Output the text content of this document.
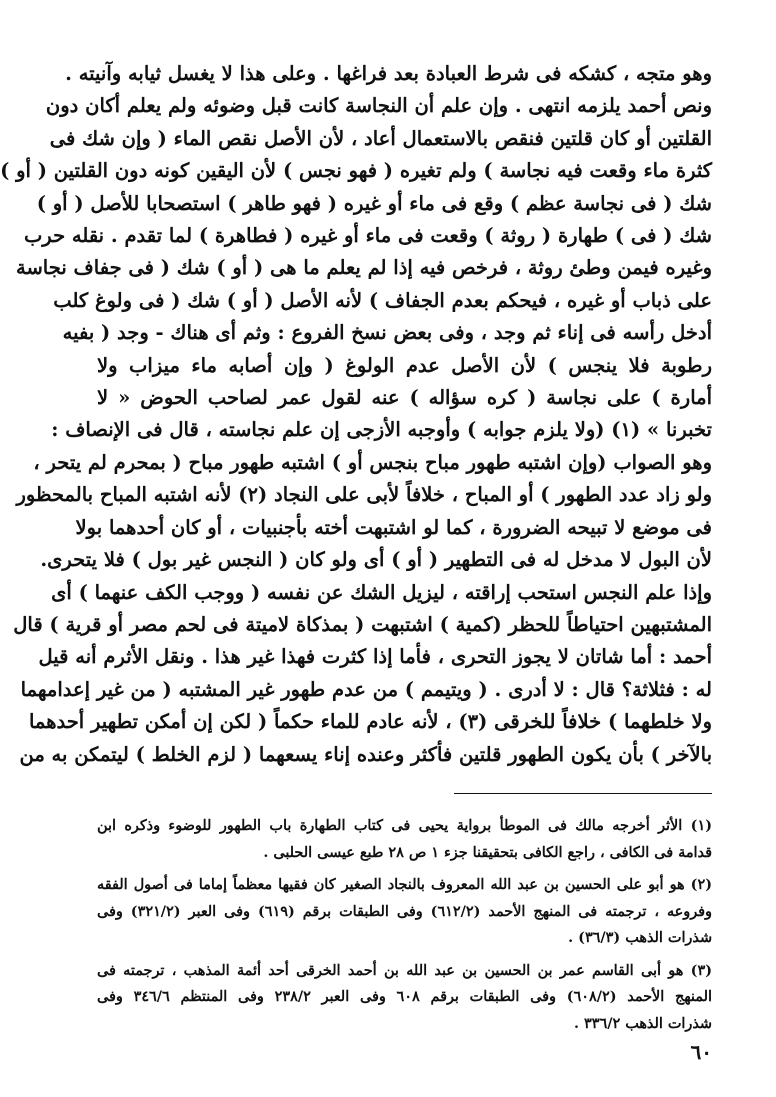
وهو متجه ، كشكه فى شرط العبادة بعد فراغها . وعلى هذا لا يغسل ثيابه وآنيته .
ونص أحمد يلزمه انتهى . وإن علم أن النجاسة كانت قبل وضوئه ولم يعلم أكان دون
القلتين أو كان قلتين فنقص بالاستعمال أعاد ، لأن الأصل نقص الماء ( وإن شك فى
كثرة ماء وقعت فيه نجاسة ) ولم تغيره ( فهو نجس ) لأن اليقين كونه دون القلتين ( أو )
شك ( فى نجاسة عظم ) وقع فى ماء أو غيره ( فهو طاهر ) استصحابا للأصل ( أو )
شك ( فى ) طهارة ( روثة ) وقعت فى ماء أو غيره ( فطاهرة ) لما تقدم . نقله حرب
وغيره فيمن وطئ روثة ، فرخص فيه إذا لم يعلم ما هى ( أو ) شك ( فى جفاف نجاسة
على ذباب أو غيره ، فيحكم بعدم الجفاف ) لأنه الأصل ( أو ) شك ( فى ولوغ كلب
أدخل رأسه فى إناء ثم وجد ، وفى بعض نسخ الفروع : وثم أى هناك - وجد ( بفيه
رطوبة فلا ينجس ) لأن الأصل عدم الولوغ ( وإن أصابه ماء ميزاب ولا
أمارة ) على نجاسة ( كره سؤاله ) عنه لقول عمر لصاحب الحوض « لا
تخبرنا » (١) (ولا يلزم جوابه ) وأوجبه الأزجى إن علم نجاسته ، قال فى الإنصاف :
وهو الصواب (وإن اشتبه طهور مباح بنجس أو ) اشتبه طهور مباح ( بمحرم لم يتحر ،
ولو زاد عدد الطهور ) أو المباح ، خلافاً لأبى على النجاد (٢) لأنه اشتبه المباح بالمحظور
فى موضع لا تبيحه الضرورة ، كما لو اشتبهت أخته بأجنبيات ، أو كان أحدهما بولا
لأن البول لا مدخل له فى التطهير ( أو ) أى ولو كان ( النجس غير بول ) فلا يتحرى.
وإذا علم النجس استحب إراقته ، ليزيل الشك عن نفسه ( ووجب الكف عنهما ) أى
المشتبهين احتياطاً للحظر (كمية ) اشتبهت ( بمذكاة لاميتة فى لحم مصر أو قرية ) قال
أحمد : أما شاتان لا يجوز التحرى ، فأما إذا كثرت فهذا غير هذا . ونقل الأثرم أنه قيل
له : فثلاثة؟ قال : لا أدرى . ( ويتيمم ) من عدم طهور غير المشتبه ( من غير إعدامهما
ولا خلطهما ) خلافاً للخرقى (٣) ، لأنه عادم للماء حكماً ( لكن إن أمكن تطهير أحدهما
بالآخر ) بأن يكون الطهور قلتين فأكثر وعنده إناء يسعهما ( لزم الخلط ) ليتمكن به من
(١) الأثر أخرجه مالك فى الموطأ برواية يحيى فى كتاب الطهارة باب الطهور للوضوء وذكره ابن
قدامة فى الكافى ، راجع الكافى بتحقيقنا جزء ١ ص ٢٨ طبع عيسى الحلبى .
(٢) هو أبو على الحسين بن عبد الله المعروف بالنجاد الصغير كان فقيها معظماً إماما فى أصول الفقه
وفروعه ، ترجمته فى المنهج الأحمد (٦١٢/٢) وفى الطبقات برقم (٦١٩) وفى العبر (٣٢١/٢) وفى
شذرات الذهب (٣٦/٣) .
(٣) هو أبى القاسم عمر بن الحسين بن عبد الله بن أحمد الخرقى أحد أئمة المذهب ، ترجمته فى
المنهج الأحمد (٦٠٨/٢) وفى الطبقات برقم ٦٠٨ وفى العبر ٢٣٨/٢ وفى المنتظم ٣٤٦/٦ وفى
شذرات الذهب ٣٣٦/٢ .
٦٠
